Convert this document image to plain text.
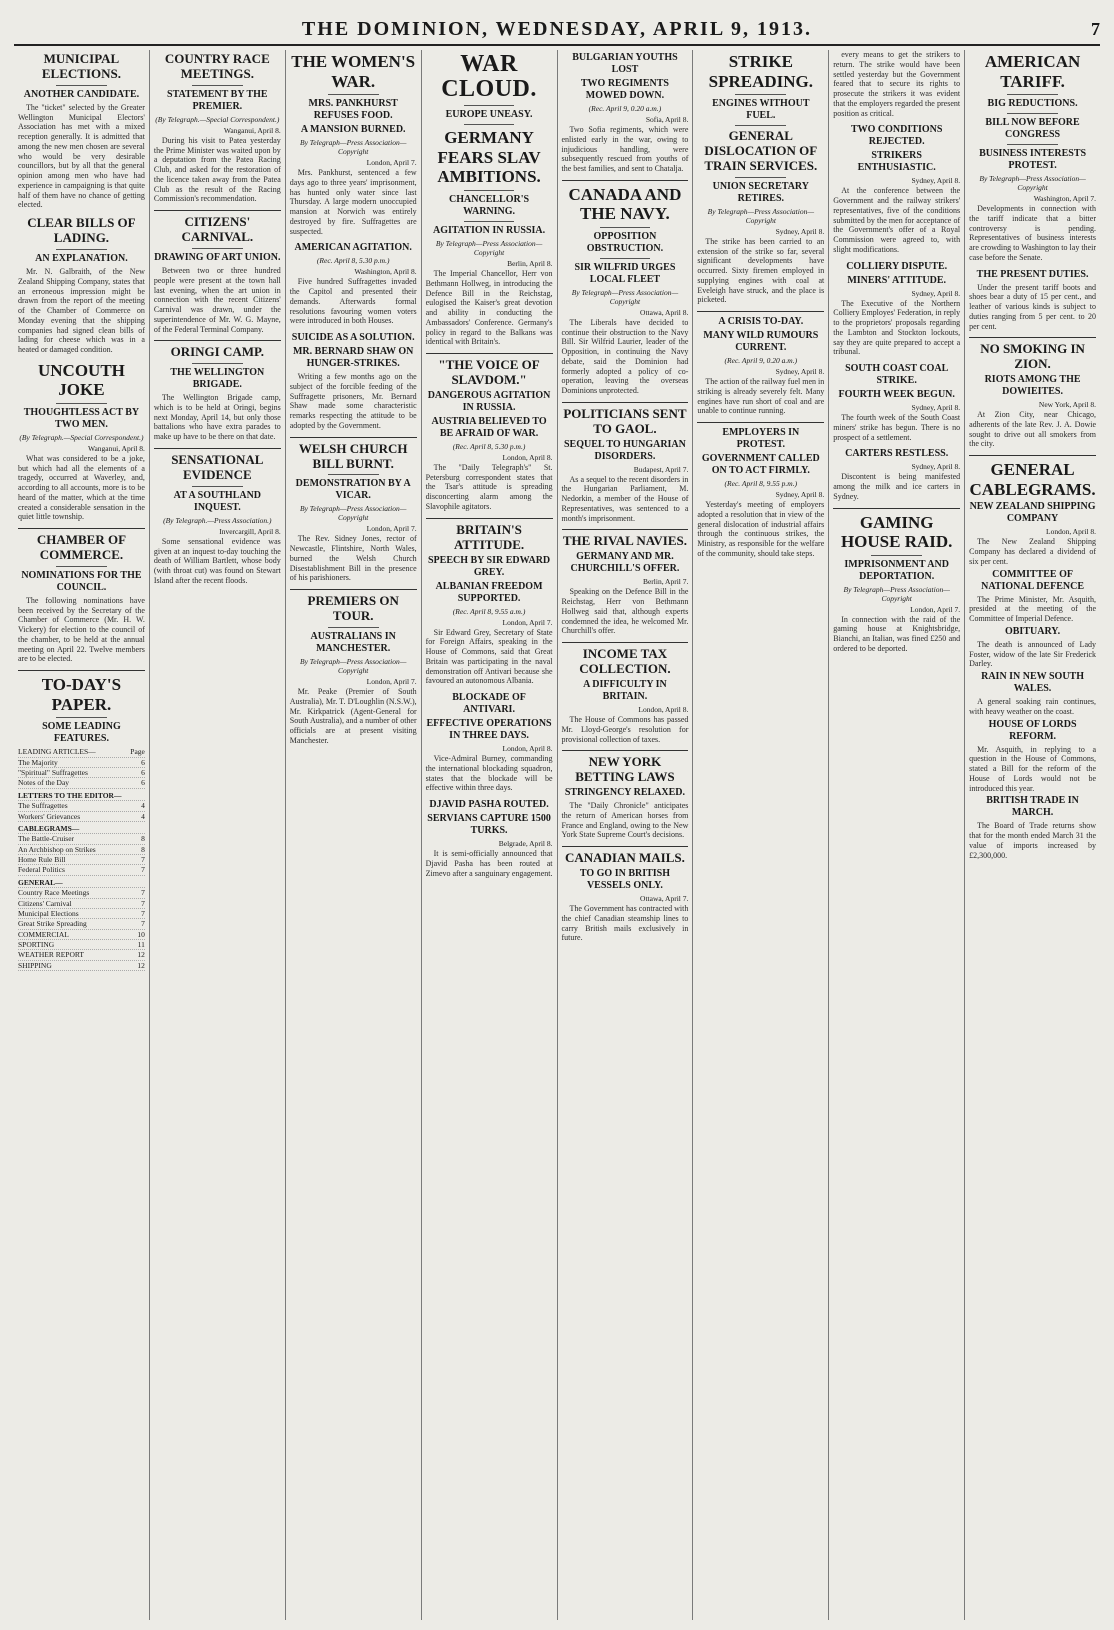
THE DOMINION, WEDNESDAY, APRIL 9, 1913.	7
MUNICIPAL ELECTIONS.
ANOTHER CANDIDATE.

The "ticket" selected by the Greater Wellington Municipal Electors' Association has met with a mixed reception generally. It is admitted that among the new men chosen are several who would be very desirable councillors, but by all that the general opinion among men who have had experience in campaigning is that quite half of them have no chance of getting elected.

CLEAR BILLS OF LADING.
AN EXPLANATION.

Mr. N. Galbraith, of the New Zealand Shipping Company, states that an erroneous impression might be drawn from the report of the meeting of the Chamber of Commerce on Monday evening that the shipping companies had signed clean bills of lading for cheese which was in a heated or damaged condition.

UNCOUTH JOKE
THOUGHTLESS ACT BY TWO MEN.
(By Telegraph.—Special Correspondent.)
Wanganui, April 8.

What was considered to be a joke, but which had all the elements of a tragedy, occurred at Waverley, and, according to all accounts, more is to be heard of the matter, which at the time created a considerable sensation in the quiet little township.

CHAMBER OF COMMERCE.
NOMINATIONS FOR THE COUNCIL.

The following nominations have been received by the Secretary of the Chamber of Commerce (Mr. H. W. Vickery) for election to the council of the chamber, to be held at the annual meeting on April 22. Twelve members are to be elected.

TO-DAY'S PAPER.
SOME LEADING FEATURES.
LEADING ARTICLES—	Page
The Majority	6
"Spiritual" Suffragettes	6
Notes of the Day	6
LETTERS TO THE EDITOR—
The Suffragettes	4
Workers' Grievances	4
CABLEGRAMS—
The Battle-Cruiser	8
An Archbishop on Strikes	8
Home Rule Bill	7
Federal Politics	7
GENERAL—
Country Race Meetings	7
Citizens' Carnival	7
Municipal Elections	7
Great Strike Spreading	7
COMMERCIAL	10
SPORTING	11
WEATHER REPORT	12
SHIPPING	12
COUNTRY RACE MEETINGS.
STATEMENT BY THE PREMIER.
(By Telegraph.—Special Correspondent.)
Wanganui, April 8.

During his visit to Patea yesterday the Prime Minister was waited upon by a deputation from the Patea Racing Club, and asked for the restoration of the licence taken away from the Patea Club as the result of the Racing Commission's recommendation.

CITIZENS' CARNIVAL.
DRAWING OF ART UNION.

Between two or three hundred people were present at the town hall last evening, when the art union in connection with the recent Citizens' Carnival was drawn, under the superintendence of Mr. W. G. Mayne, of the Federal Terminal Company.

ORINGI CAMP.
THE WELLINGTON BRIGADE.

The Wellington Brigade camp, which is to be held at Oringi, begins next Monday, April 14, but only those battalions who have extra parades to make up have to be there on that date.

SENSATIONAL EVIDENCE
AT A SOUTHLAND INQUEST.
(By Telegraph.—Press Association.)
Invercargill, April 8.

Some sensational evidence was given at an inquest to-day touching the death of William Bartlett, whose body (with throat cut) was found on Stewart Island after the recent floods.

THE WOMEN'S WAR.
MRS. PANKHURST REFUSES FOOD.
A MANSION BURNED.
By Telegraph—Press Association—Copyright
London, April 7.

Mrs. Pankhurst, sentenced a few days ago to three years' imprisonment, has hunted only water since last Thursday. A large modern unoccupied mansion at Norwich was entirely destroyed by fire. Suffragettes are suspected.

AMERICAN AGITATION.
(Rec. April 8, 5.30 p.m.)
Washington, April 8.

Five hundred Suffragettes invaded the Capitol and presented their demands. Afterwards formal resolutions favouring women voters were introduced in both Houses.

SUICIDE AS A SOLUTION.
MR. BERNARD SHAW ON HUNGER-STRIKES.

Writing a few months ago on the subject of the forcible feeding of the Suffragette prisoners, Mr. Bernard Shaw made some characteristic remarks respecting the attitude to be adopted by the Government.

WELSH CHURCH BILL BURNT.
DEMONSTRATION BY A VICAR.
By Telegraph—Press Association—Copyright
London, April 7.

The Rev. Sidney Jones, rector of Newcastle, Flintshire, North Wales, burned the Welsh Church Disestablishment Bill in the presence of his parishioners.

PREMIERS ON TOUR.
AUSTRALIANS IN MANCHESTER.
By Telegraph—Press Association—Copyright
London, April 7.

Mr. Peake (Premier of South Australia), Mr. T. D'Loughlin (N.S.W.), Mr. Kirkpatrick (Agent-General for South Australia), and a number of other officials are at present visiting Manchester.

WAR CLOUD.
EUROPE UNEASY.
GERMANY FEARS SLAV AMBITIONS.
CHANCELLOR'S WARNING.
AGITATION IN RUSSIA.
By Telegraph—Press Association—Copyright
Berlin, April 8.

The Imperial Chancellor, Herr von Bethmann Hollweg, in introducing the Defence Bill in the Reichstag, eulogised the Kaiser's great devotion and ability in conducting the Ambassadors' Conference. Germany's policy in regard to the Balkans was identical with Britain's.

"THE VOICE OF SLAVDOM."
DANGEROUS AGITATION IN RUSSIA.
AUSTRIA BELIEVED TO BE AFRAID OF WAR.
(Rec. April 8, 5.30 p.m.)
London, April 8.

The "Daily Telegraph's" St. Petersburg correspondent states that the Tsar's attitude is spreading disconcerting alarm among the Slavophile agitators.

BRITAIN'S ATTITUDE.
SPEECH BY SIR EDWARD GREY.
ALBANIAN FREEDOM SUPPORTED.
(Rec. April 8, 9.55 a.m.)
London, April 7.

Sir Edward Grey, Secretary of State for Foreign Affairs, speaking in the House of Commons, said that Great Britain was participating in the naval demonstration off Antivari because she favoured an autonomous Albania.

BLOCKADE OF ANTIVARI.
EFFECTIVE OPERATIONS IN THREE DAYS.
London, April 8.

Vice-Admiral Burney, commanding the international blockading squadron, states that the blockade will be effective within three days.

DJAVID PASHA ROUTED.
SERVIANS CAPTURE 1500 TURKS.
Belgrade, April 8.

It is semi-officially announced that Djavid Pasha has been routed at Zimevo after a sanguinary engagement.

BULGARIAN YOUTHS LOST
TWO REGIMENTS MOWED DOWN.
(Rec. April 9, 0.20 a.m.)
Sofia, April 8.

Two Sofia regiments, which were enlisted early in the war, owing to injudicious handling, were subsequently rescued from youths of the best families, and sent to Chatalja.

CANADA AND THE NAVY.
OPPOSITION OBSTRUCTION.
SIR WILFRID URGES LOCAL FLEET
By Telegraph—Press Association—Copyright
Ottawa, April 8.

The Liberals have decided to continue their obstruction to the Navy Bill. Sir Wilfrid Laurier, leader of the Opposition, in continuing the Navy debate, said the Dominion had formerly adopted a policy of co-operation, leaving the overseas Dominions unprotected.

POLITICIANS SENT TO GAOL.
SEQUEL TO HUNGARIAN DISORDERS.
Budapest, April 7.

As a sequel to the recent disorders in the Hungarian Parliament, M. Nedorkin, a member of the House of Representatives, was sentenced to a month's imprisonment.

THE RIVAL NAVIES.
GERMANY AND MR. CHURCHILL'S OFFER.
Berlin, April 7.

Speaking on the Defence Bill in the Reichstag, Herr von Bethmann Hollweg said that, although experts condemned the idea, he welcomed Mr. Churchill's offer.

INCOME TAX COLLECTION.
A DIFFICULTY IN BRITAIN.
London, April 8.

The House of Commons has passed Mr. Lloyd-George's resolution for provisional collection of taxes.

NEW YORK BETTING LAWS
STRINGENCY RELAXED.

The "Daily Chronicle" anticipates the return of American horses from France and England, owing to the New York State Supreme Court's decisions.

CANADIAN MAILS.
TO GO IN BRITISH VESSELS ONLY.
Ottawa, April 7.

The Government has contracted with the chief Canadian steamship lines to carry British mails exclusively in future.

STRIKE SPREADING.
ENGINES WITHOUT FUEL.
GENERAL DISLOCATION OF TRAIN SERVICES.
UNION SECRETARY RETIRES.
By Telegraph—Press Association—Copyright
Sydney, April 8.

The strike has been carried to an extension of the strike so far, several significant developments have occurred. Sixty firemen employed in supplying engines with coal at Eveleigh have struck, and the place is picketed.

A CRISIS TO-DAY.
MANY WILD RUMOURS CURRENT.
(Rec. April 9, 0.20 a.m.)
Sydney, April 8.

The action of the railway fuel men in striking is already severely felt. Many engines have run short of coal and are unable to continue running.

EMPLOYERS IN PROTEST.
GOVERNMENT CALLED ON TO ACT FIRMLY.
(Rec. April 8, 9.55 p.m.)
Sydney, April 8.

Yesterday's meeting of employers adopted a resolution that in view of the general dislocation of industrial affairs through the continuous strikes, the Ministry, as responsible for the welfare of the community, should take steps.

every means to get the strikers to return. The strike would have been settled yesterday but the Government feared that to secure its rights to prosecute the strikers it was evident that the employers regarded the present position as critical.

TWO CONDITIONS REJECTED.
STRIKERS ENTHUSIASTIC.
Sydney, April 8.

At the conference between the Government and the railway strikers' representatives, five of the conditions submitted by the men for acceptance of the Government's offer of a Royal Commission were agreed to, with slight modifications.

COLLIERY DISPUTE.
MINERS' ATTITUDE.
Sydney, April 8.

The Executive of the Northern Colliery Employes' Federation, in reply to the proprietors' proposals regarding the Lambton and Stockton lockouts, say they are quite prepared to accept a tribunal.

SOUTH COAST COAL STRIKE.
FOURTH WEEK BEGUN.
Sydney, April 8.

The fourth week of the South Coast miners' strike has begun. There is no prospect of a settlement.

CARTERS RESTLESS.
Sydney, April 8.

Discontent is being manifested among the milk and ice carters in Sydney.

GAMING HOUSE RAID.
IMPRISONMENT AND DEPORTATION.
By Telegraph—Press Association—Copyright
London, April 7.

In connection with the raid of the gaming house at Knightsbridge, Bianchi, an Italian, was fined £250 and ordered to be deported.

AMERICAN TARIFF.
BIG REDUCTIONS.
BILL NOW BEFORE CONGRESS
BUSINESS INTERESTS PROTEST.
By Telegraph—Press Association—Copyright
Washington, April 7.

Developments in connection with the tariff indicate that a bitter controversy is pending. Representatives of business interests are crowding to Washington to lay their case before the Senate.

THE PRESENT DUTIES.

Under the present tariff boots and shoes bear a duty of 15 per cent., and leather of various kinds is subject to duties ranging from 5 per cent. to 20 per cent.

NO SMOKING IN ZION.
RIOTS AMONG THE DOWIEITES.
New York, April 8.

At Zion City, near Chicago, adherents of the late Rev. J. A. Dowie sought to drive out all smokers from the city.

GENERAL CABLEGRAMS.
NEW ZEALAND SHIPPING COMPANY
London, April 8.

The New Zealand Shipping Company has declared a dividend of six per cent.

COMMITTEE OF NATIONAL DEFENCE

The Prime Minister, Mr. Asquith, presided at the meeting of the Committee of Imperial Defence.

OBITUARY.

The death is announced of Lady Foster, widow of the late Sir Frederick Darley.

RAIN IN NEW SOUTH WALES.

A general soaking rain continues, with heavy weather on the coast.

HOUSE OF LORDS REFORM.

Mr. Asquith, in replying to a question in the House of Commons, stated a Bill for the reform of the House of Lords would not be introduced this year.

BRITISH TRADE IN MARCH.

The Board of Trade returns show that for the month ended March 31 the value of imports increased by £2,300,000.
